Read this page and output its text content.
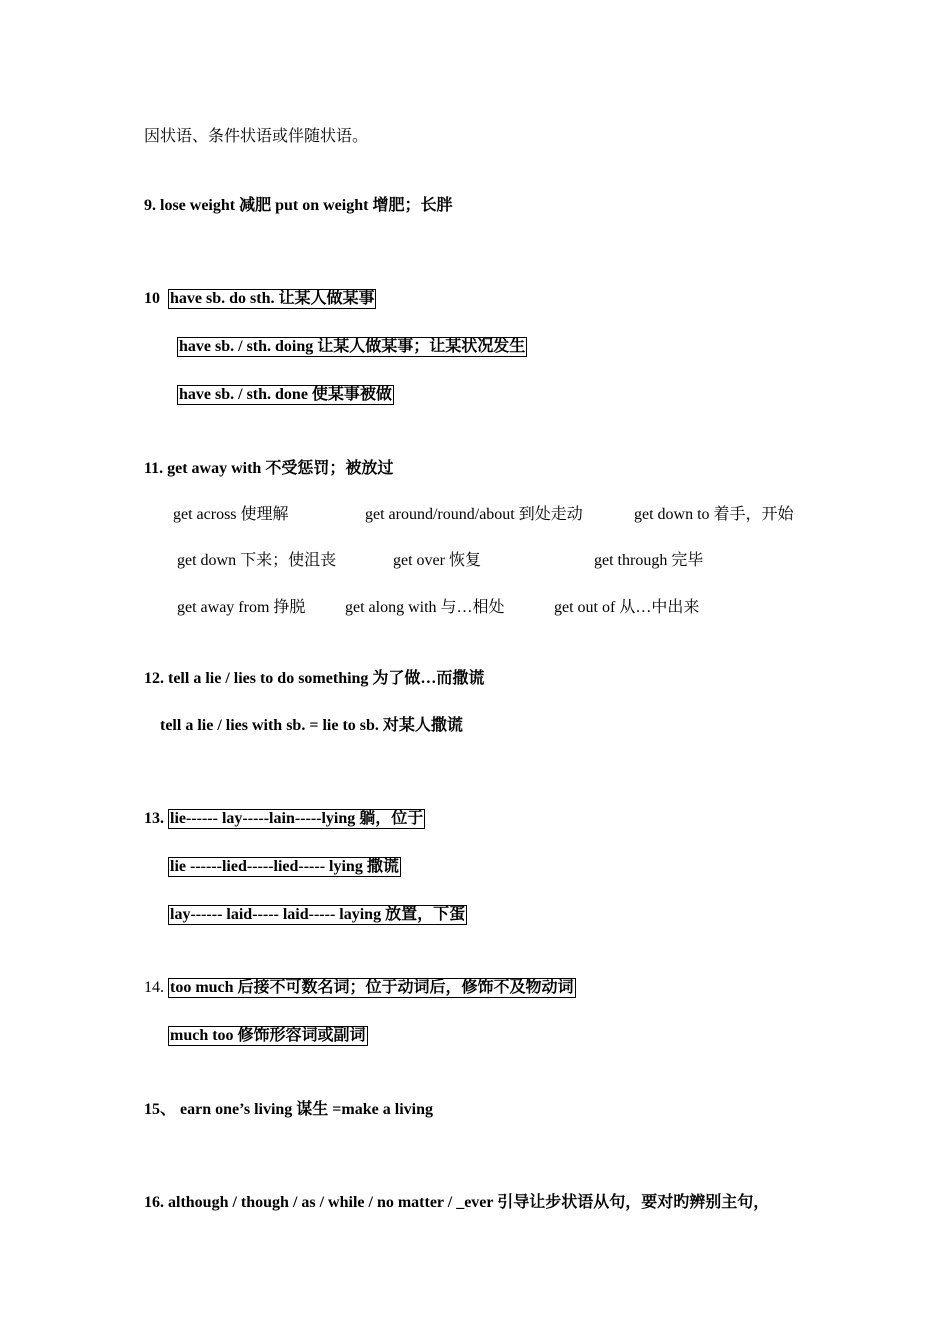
因状语、条件状语或伴随状语。
9. lose weight 减肥 put on weight 增肥；长胖
10 have sb. do sth. 让某人做某事
have sb. / sth. doing 让某人做某事；让某状况发生
have sb. / sth. done 使某事被做
11. get away with 不受惩罚；被放过
get across 使理解	get around/round/about 到处走动	get down to 着手，开始
get down 下来；使沮丧	get over 恢复	get through 完毕
get away from 挣脱 get along with 与…相处	get out of 从…中出来
12. tell a lie / lies to do something 为了做…而撒谎
tell a lie / lies with sb. = lie to sb. 对某人撒谎
13. lie------ lay-----lain-----lying 躺，位于
lie ------lied-----lied----- lying 撒谎
lay------ laid----- laid----- laying 放置，下蛋
14. too much 后接不可数名词；位于动词后，修饰不及物动词
much too 修饰形容词或副词
15、 earn one’s living 谋生 =make a living
16. although / though / as / while / no matter / _ever 引导让步状语从句，要对旳辨别主句，
